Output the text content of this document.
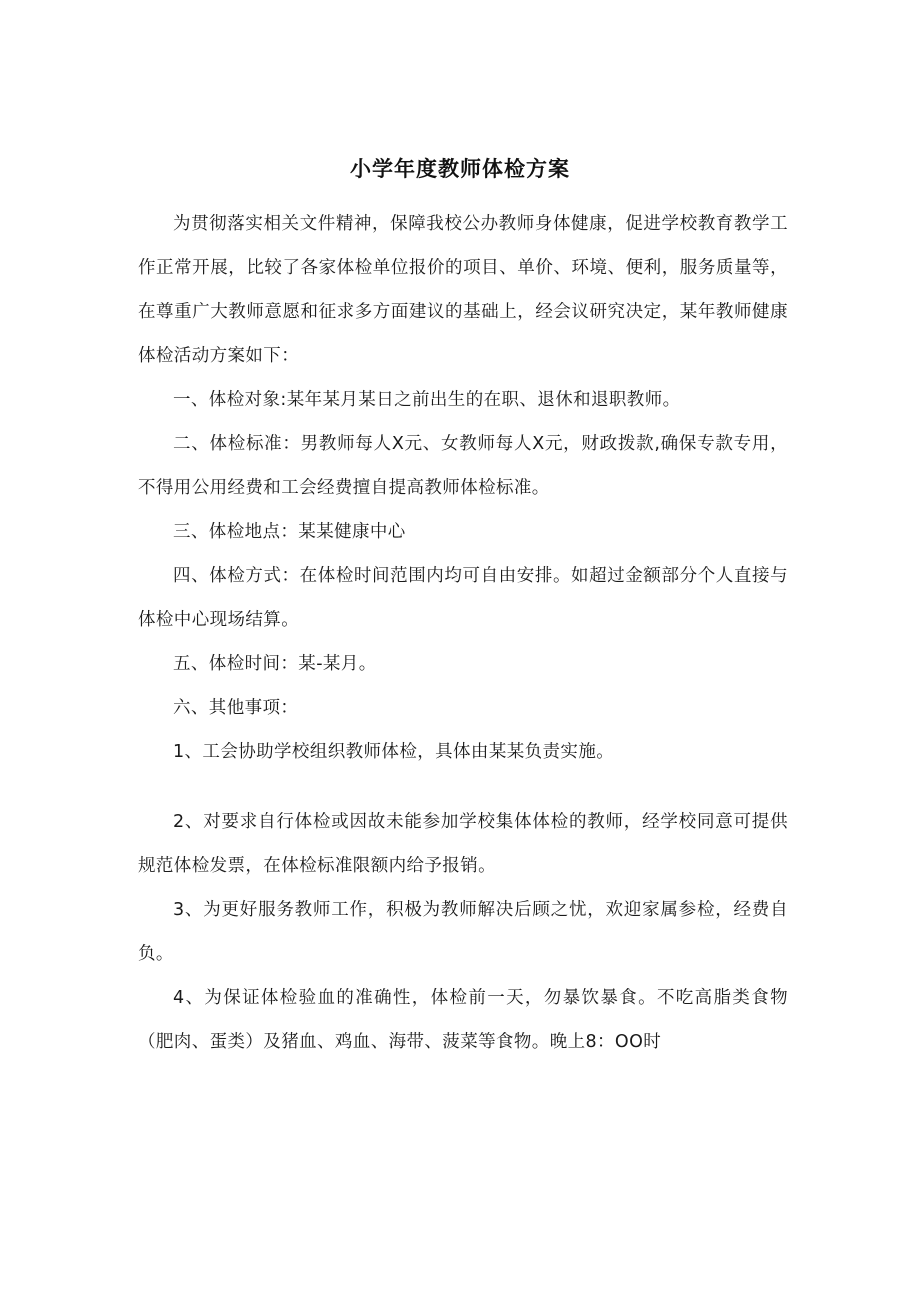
小学年度教师体检方案

为贯彻落实相关文件精神，保障我校公办教师身体健康，促进学校教育教学工作正常开展，比较了各家体检单位报价的项目、单价、环境、便利，服务质量等，在尊重广大教师意愿和征求多方面建议的基础上，经会议研究决定，某年教师健康体检活动方案如下：

一、体检对象:某年某月某日之前出生的在职、退休和退职教师。

二、体检标准：男教师每人X元、女教师每人X元，财政拨款,确保专款专用，不得用公用经费和工会经费擅自提高教师体检标准。

三、体检地点：某某健康中心

四、体检方式：在体检时间范围内均可自由安排。如超过金额部分个人直接与体检中心现场结算。

五、体检时间：某-某月。

六、其他事项：

1、工会协助学校组织教师体检，具体由某某负责实施。

2、对要求自行体检或因故未能参加学校集体体检的教师，经学校同意可提供规范体检发票，在体检标准限额内给予报销。

3、为更好服务教师工作，积极为教师解决后顾之忧，欢迎家属参检，经费自负。

4、为保证体检验血的准确性，体检前一天，勿暴饮暴食。不吃高脂类食物（肥肉、蛋类）及猪血、鸡血、海带、菠菜等食物。晚上8：OO时
